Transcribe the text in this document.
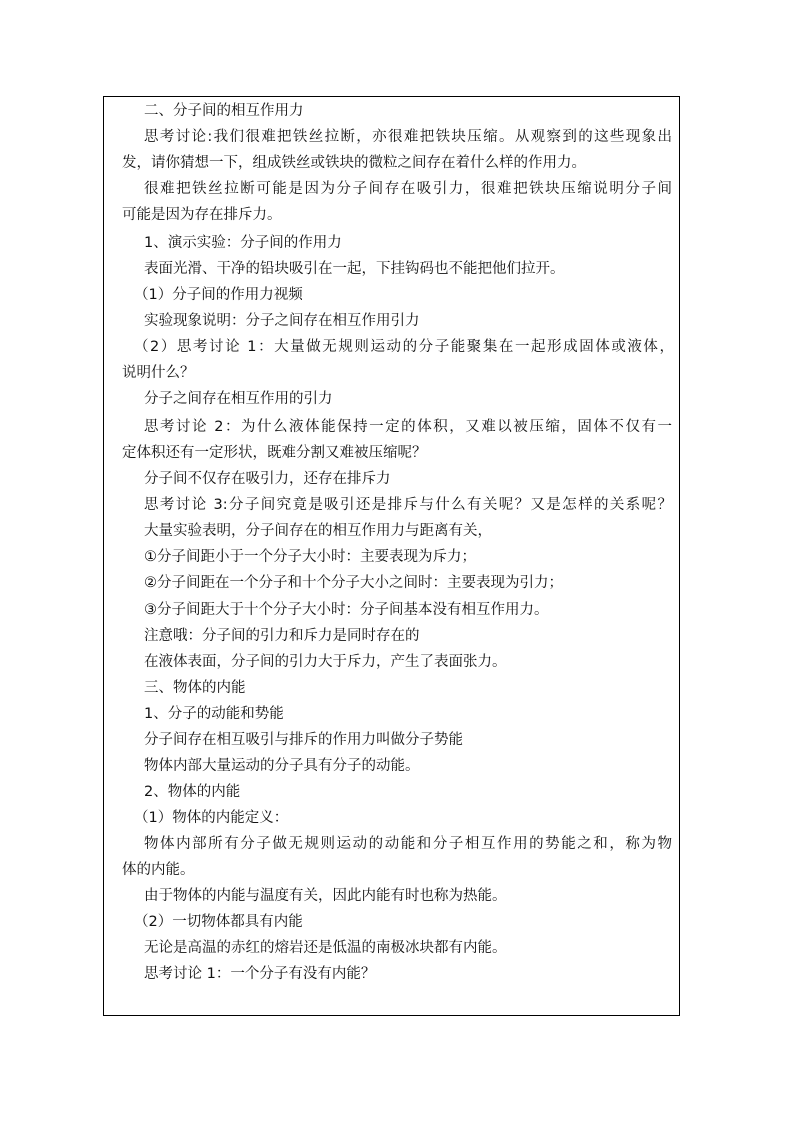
二、分子间的相互作用力
思考讨论:我们很难把铁丝拉断，亦很难把铁块压缩。从观察到的这些现象出
发，请你猜想一下，组成铁丝或铁块的微粒之间存在着什么样的作用力。
很难把铁丝拉断可能是因为分子间存在吸引力，很难把铁块压缩说明分子间
可能是因为存在排斥力。
1、演示实验：分子间的作用力
表面光滑、干净的铅块吸引在一起，下挂钩码也不能把他们拉开。
（1）分子间的作用力视频
实验现象说明：分子之间存在相互作用引力
（2）思考讨论 1：大量做无规则运动的分子能聚集在一起形成固体或液体，
说明什么？
分子之间存在相互作用的引力
思考讨论 2：为什么液体能保持一定的体积，又难以被压缩，固体不仅有一
定体积还有一定形状，既难分割又难被压缩呢？
分子间不仅存在吸引力，还存在排斥力
思考讨论 3:分子间究竟是吸引还是排斥与什么有关呢？又是怎样的关系呢？
大量实验表明，分子间存在的相互作用力与距离有关，
①分子间距小于一个分子大小时：主要表现为斥力；
②分子间距在一个分子和十个分子大小之间时：主要表现为引力；
③分子间距大于十个分子大小时：分子间基本没有相互作用力。
注意哦：分子间的引力和斥力是同时存在的
在液体表面，分子间的引力大于斥力，产生了表面张力。
三、物体的内能
1、分子的动能和势能
分子间存在相互吸引与排斥的作用力叫做分子势能
物体内部大量运动的分子具有分子的动能。
2、物体的内能
（1）物体的内能定义：
物体内部所有分子做无规则运动的动能和分子相互作用的势能之和，称为物
体的内能。
由于物体的内能与温度有关，因此内能有时也称为热能。
（2）一切物体都具有内能
无论是高温的赤红的熔岩还是低温的南极冰块都有内能。
思考讨论 1：一个分子有没有内能？
